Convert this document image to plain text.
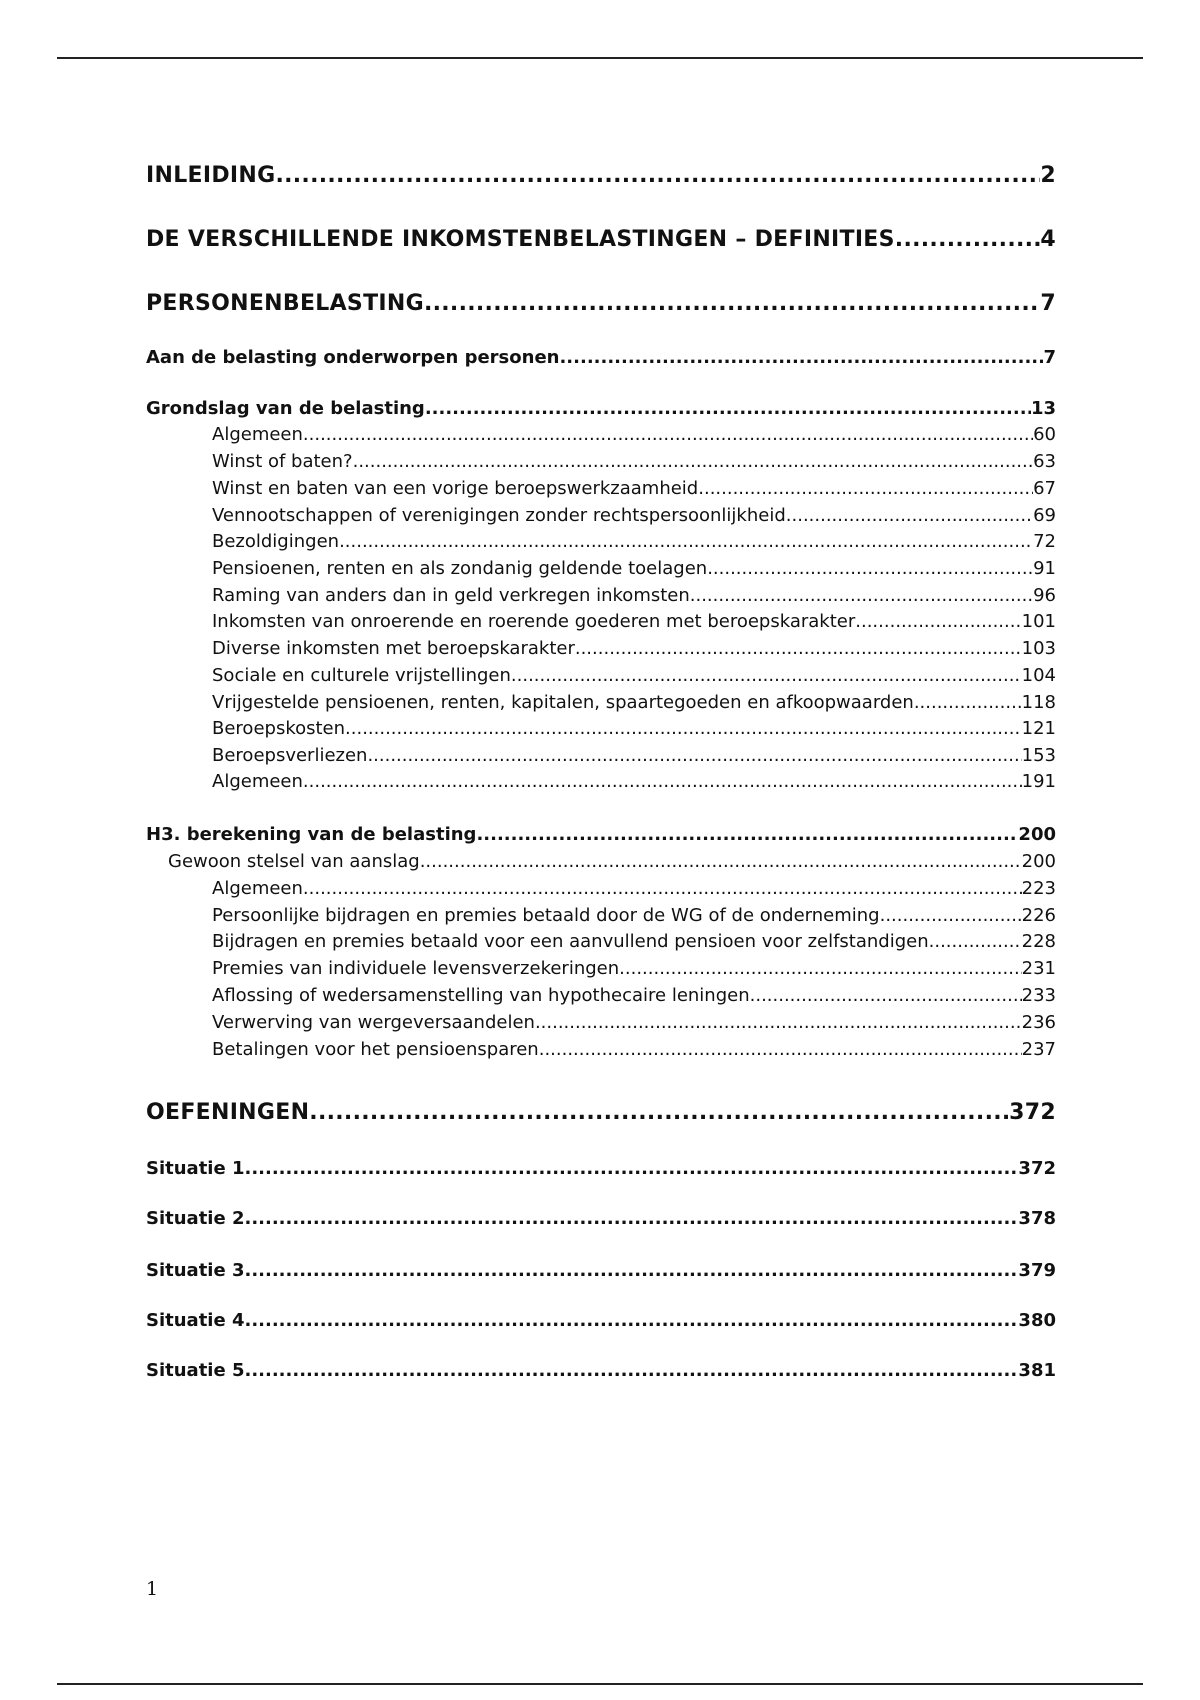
INLEIDING .....	2
DE VERSCHILLENDE INKOMSTENBELASTINGEN – DEFINITIES .....	4
PERSONENBELASTING .....	7
Aan de belasting onderworpen personen .....	7
Grondslag van de belasting .....	13
Algemeen .....	60
Winst of baten? .....	63
Winst en baten van een vorige beroepswerkzaamheid .....	67
Vennootschappen of verenigingen zonder rechtspersoonlijkheid .....	69
Bezoldigingen .....	72
Pensioenen, renten en als zondanig geldende toelagen .....	91
Raming van anders dan in geld verkregen inkomsten .....	96
Inkomsten van onroerende en roerende goederen met beroepskarakter .....	101
Diverse inkomsten met beroepskarakter .....	103
Sociale en culturele vrijstellingen .....	104
Vrijgestelde pensioenen, renten, kapitalen, spaartegoeden en afkoopwaarden. .....	118
Beroepskosten .....	121
Beroepsverliezen .....	153
Algemeen .....	191
H3. berekening van de belasting .....	200
Gewoon stelsel van aanslag .....	200
Algemeen .....	223
Persoonlijke bijdragen en premies betaald door de WG of de onderneming .....	226
Bijdragen en premies betaald voor een aanvullend pensioen voor zelfstandigen .....	228
Premies van individuele levensverzekeringen .....	231
Aflossing of wedersamenstelling van hypothecaire leningen .....	233
Verwerving van wergeversaandelen .....	236
Betalingen voor het pensioensparen .....	237
OEFENINGEN .....	372
Situatie 1 .....	372
Situatie 2 .....	378
Situatie 3 .....	379
Situatie 4 .....	380
Situatie 5 .....	381
1
